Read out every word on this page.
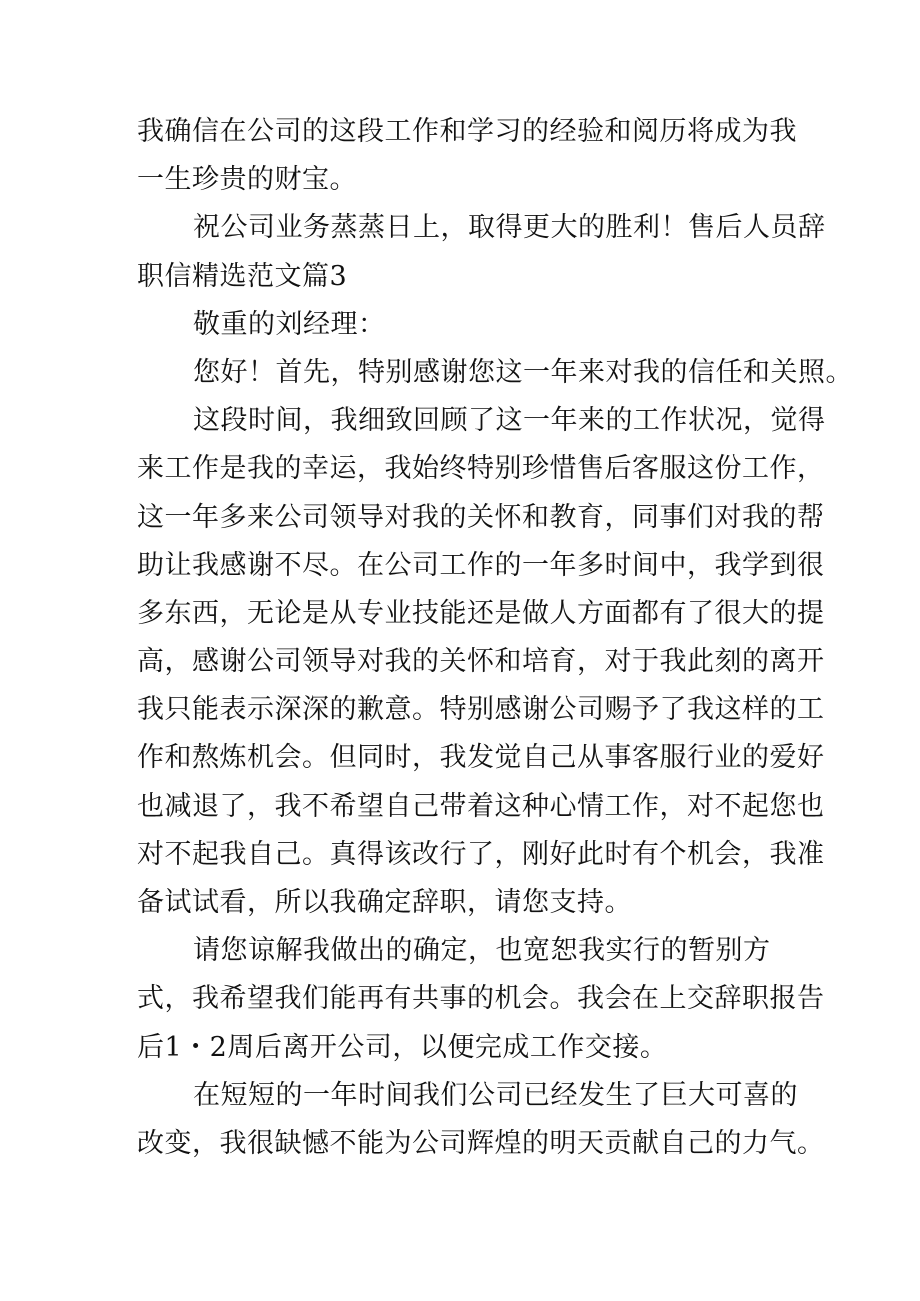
我确信在公司的这段工作和学习的经验和阅历将成为我
一生珍贵的财宝。
祝公司业务蒸蒸日上，取得更大的胜利！售后人员辞
职信精选范文篇3
敬重的刘经理：
您好！首先，特别感谢您这一年来对我的信任和关照。
这段时间，我细致回顾了这一年来的工作状况，觉得
来工作是我的幸运，我始终特别珍惜售后客服这份工作，
这一年多来公司领导对我的关怀和教育，同事们对我的帮
助让我感谢不尽。在公司工作的一年多时间中，我学到很
多东西，无论是从专业技能还是做人方面都有了很大的提
高，感谢公司领导对我的关怀和培育，对于我此刻的离开
我只能表示深深的歉意。特别感谢公司赐予了我这样的工
作和熬炼机会。但同时，我发觉自己从事客服行业的爱好
也减退了，我不希望自己带着这种心情工作，对不起您也
对不起我自己。真得该改行了，刚好此时有个机会，我准
备试试看，所以我确定辞职，请您支持。
请您谅解我做出的确定，也宽恕我实行的暂别方
式，我希望我们能再有共事的机会。我会在上交辞职报告
后1・2周后离开公司，以便完成工作交接。
在短短的一年时间我们公司已经发生了巨大可喜的
改变，我很缺憾不能为公司辉煌的明天贡献自己的力气。
